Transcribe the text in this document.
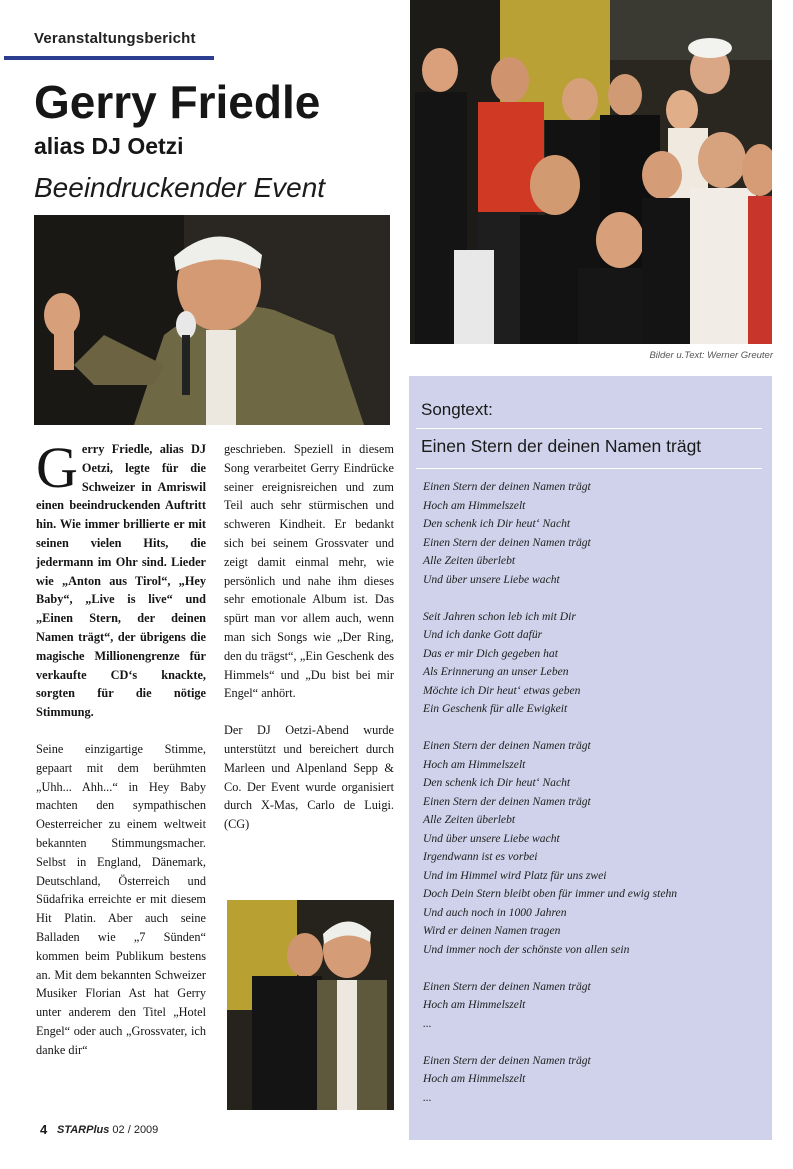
Veranstaltungsbericht
Gerry Friedle
alias DJ Oetzi
Beeindruckender Event
Bilder u.Text: Werner Greuter

Gerry Friedle, alias DJ Oetzi, legte für die Schweizer in Amriswil einen beeindruckenden Auftritt hin. Wie immer brillierte er mit seinen vielen Hits, die jedermann im Ohr sind. Lieder wie „Anton aus Tirol“, „Hey Baby“, „Live is live“ und „Einen Stern, der deinen Namen trägt“, der übrigens die magische Millionengrenze für verkaufte CD‘s knackte, sorgten für die nötige Stimmung.

Seine einzigartige Stimme, gepaart mit dem berühmten „Uhh... Ahh...“ in Hey Baby machten den sympathischen Oesterreicher zu einem weltweit bekannten Stimmungsmacher. Selbst in England, Dänemark, Deutschland, Österreich und Südafrika erreichte er mit diesem Hit Platin. Aber auch seine Balladen wie „7 Sünden“ kommen beim Publikum bestens an. Mit dem bekannten Schweizer Musiker Florian Ast hat Gerry unter anderem den Titel „Hotel Engel“ oder auch „Grossvater, ich danke dir“

geschrieben. Speziell in diesem Song verarbeitet Gerry Eindrücke seiner ereignisreichen und zum Teil auch sehr stürmischen und schweren Kindheit. Er bedankt sich bei seinem Grossvater und zeigt damit einmal mehr, wie persönlich und nahe ihm dieses sehr emotionale Album ist. Das spürt man vor allem auch, wenn man sich Songs wie „Der Ring, den du trägst“, „Ein Geschenk des Himmels“ und „Du bist bei mir Engel“ anhört.

Der DJ Oetzi-Abend wurde unterstützt und bereichert durch Marleen und Alpenland Sepp & Co. Der Event wurde organisiert durch X-Mas, Carlo de Luigi. (CG)

Songtext:
Einen Stern der deinen Namen trägt
Einen Stern der deinen Namen trägt
Hoch am Himmelszelt
Den schenk ich Dir heut‘ Nacht
Einen Stern der deinen Namen trägt
Alle Zeiten überlebt
Und über unsere Liebe wacht
Seit Jahren schon leb ich mit Dir
Und ich danke Gott dafür
Das er mir Dich gegeben hat
Als Erinnerung an unser Leben
Möchte ich Dir heut‘ etwas geben
Ein Geschenk für alle Ewigkeit
Einen Stern der deinen Namen trägt
Hoch am Himmelszelt
Den schenk ich Dir heut‘ Nacht
Einen Stern der deinen Namen trägt
Alle Zeiten überlebt
Und über unsere Liebe wacht
Irgendwann ist es vorbei
Und im Himmel wird Platz für uns zwei
Doch Dein Stern bleibt oben für immer und ewig stehn
Und auch noch in 1000 Jahren
Wird er deinen Namen tragen
Und immer noch der schönste von allen sein
Einen Stern der deinen Namen trägt
Hoch am Himmelszelt
...
Einen Stern der deinen Namen trägt
Hoch am Himmelszelt
...
4 STARPlus 02 / 2009
